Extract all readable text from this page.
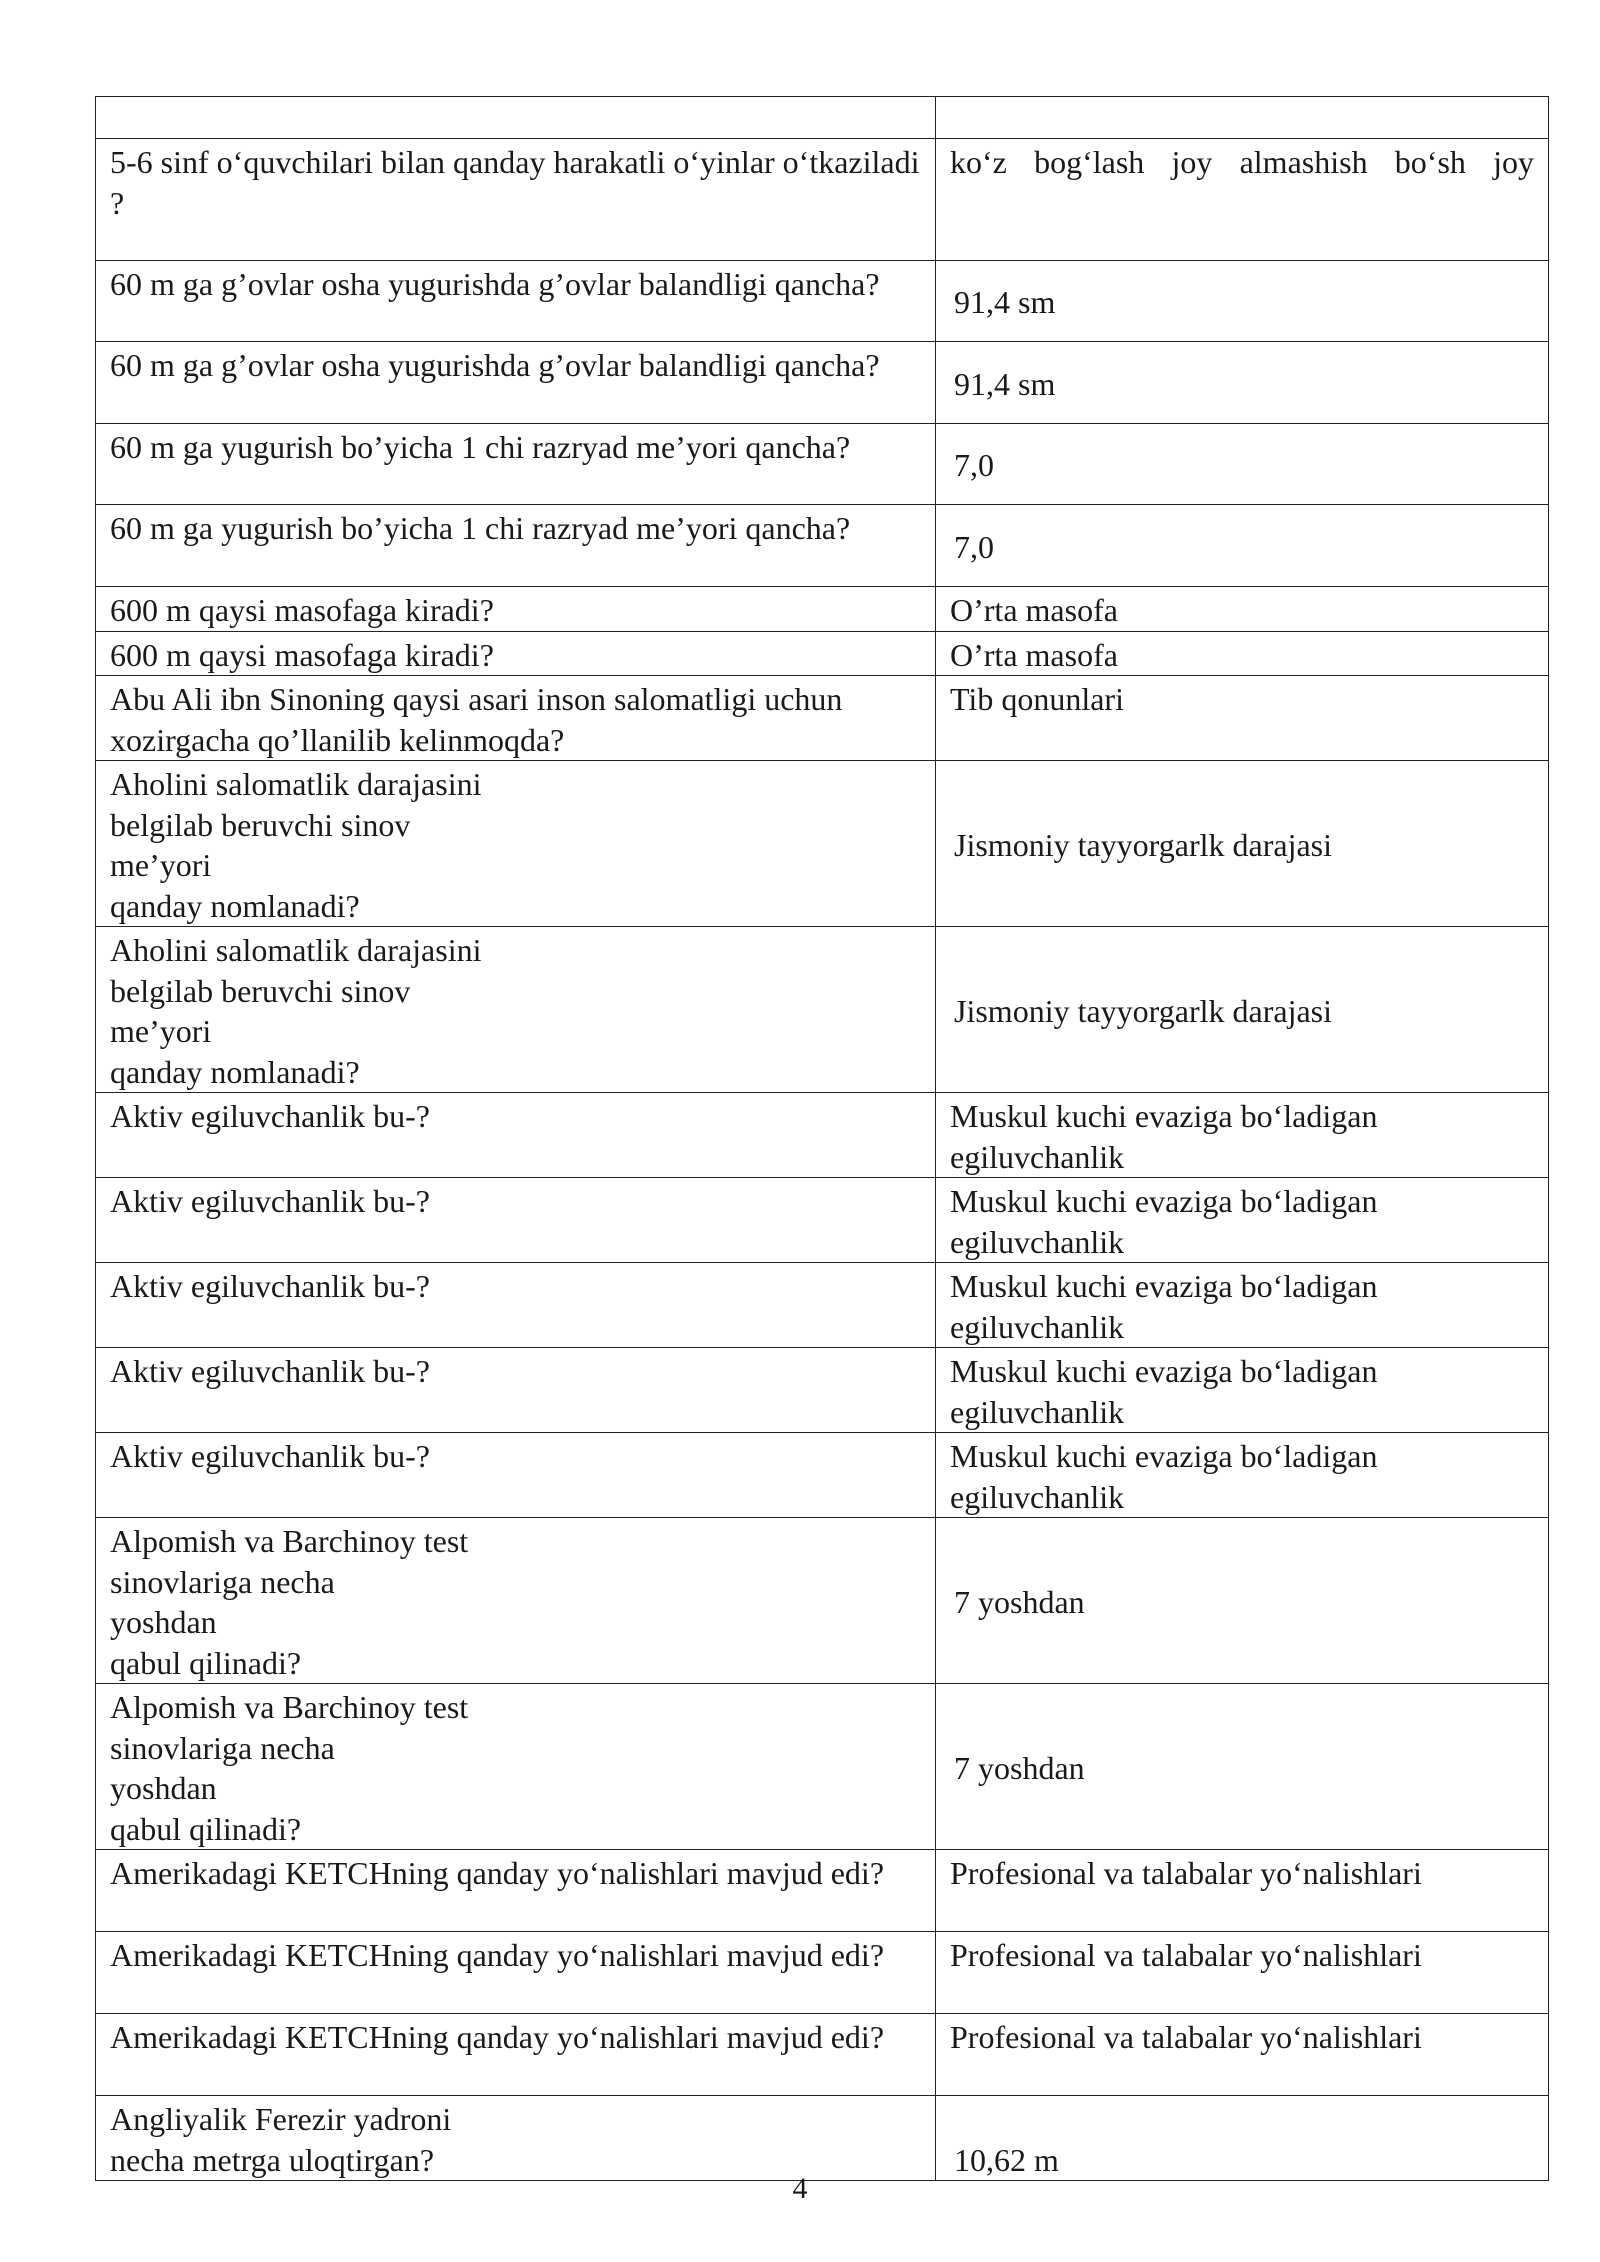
5-6 sinf o‘quvchilari bilan qanday harakatli o‘yinlar o‘tkaziladi ?	ko‘z bog‘lash joy almashish bo‘sh joy
60 m ga g’ovlar osha yugurishda g’ovlar balandligi qancha?	91,4 sm
60 m ga g’ovlar osha yugurishda g’ovlar balandligi qancha?	91,4 sm
60 m ga yugurish bo’yicha 1 chi razryad me’yori qancha?	7,0
60 m ga yugurish bo’yicha 1 chi razryad me’yori qancha?	7,0
600 m qaysi masofaga kiradi?	O’rta masofa
600 m qaysi masofaga kiradi?	O’rta masofa
Abu Ali ibn Sinoning qaysi asari inson salomatligi uchun xozirgacha qo’llanilib kelinmoqda?	Tib qonunlari
Aholini salomatlik darajasini
belgilab beruvchi sinov
me’yori
qanday nomlanadi?	Jismoniy tayyorgarlk darajasi
Aholini salomatlik darajasini
belgilab beruvchi sinov
me’yori
qanday nomlanadi?	Jismoniy tayyorgarlk darajasi
Aktiv egiluvchanlik bu-?	Muskul kuchi evaziga bo‘ladigan egiluvchanlik
Aktiv egiluvchanlik bu-?	Muskul kuchi evaziga bo‘ladigan egiluvchanlik
Aktiv egiluvchanlik bu-?	Muskul kuchi evaziga bo‘ladigan egiluvchanlik
Aktiv egiluvchanlik bu-?	Muskul kuchi evaziga bo‘ladigan egiluvchanlik
Aktiv egiluvchanlik bu-?	Muskul kuchi evaziga bo‘ladigan egiluvchanlik
Alpomish va Barchinoy test
sinovlariga necha
yoshdan
qabul qilinadi?	7 yoshdan
Alpomish va Barchinoy test
sinovlariga necha
yoshdan
qabul qilinadi?	7 yoshdan
Amerikadagi KETCHning qanday yo‘nalishlari mavjud edi?	Profesional va talabalar yo‘nalishlari
Amerikadagi KETCHning qanday yo‘nalishlari mavjud edi?	Profesional va talabalar yo‘nalishlari
Amerikadagi KETCHning qanday yo‘nalishlari mavjud edi?	Profesional va talabalar yo‘nalishlari
Angliyalik Ferezir yadroni
necha metrga uloqtirgan?	10,62 m
4
